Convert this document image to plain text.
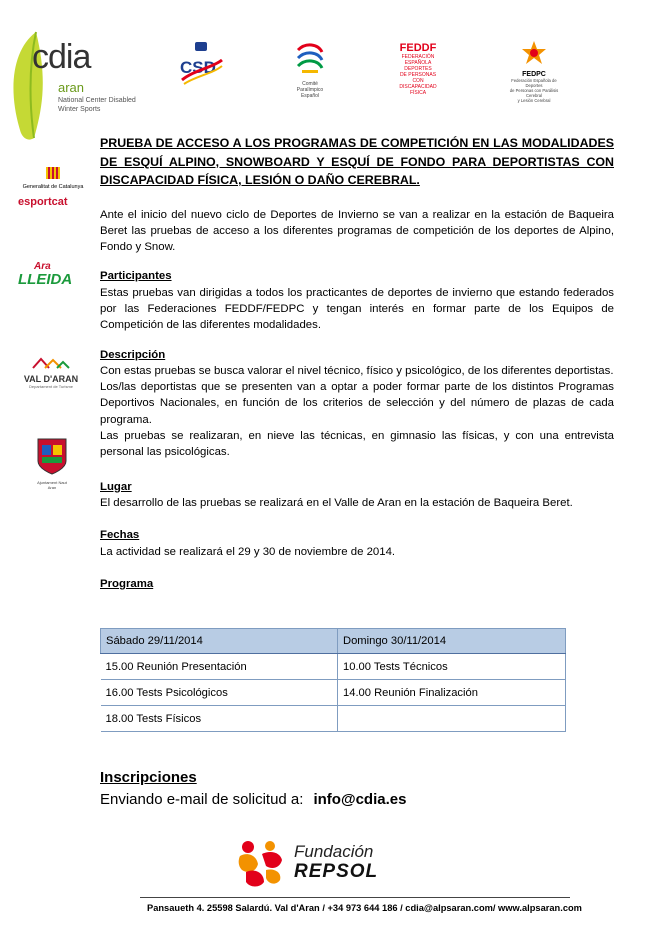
cdia
aran
National Center Disabled
Winter Sports
CSD
Comité
Paralímpico
Español
FEDDF
FEDERACIÓN
ESPAÑOLA
DEPORTES
DE PERSONAS CON
DISCAPACIDAD
FÍSICA
FEDPC
Federación Española de Deportes
de Personas con Parálisis Cerebral
y Lesión Cerebral
Generalitat de Catalunya
esportcat
Ara
LLEIDA
VAL D'ARAN
Departament de Turisme
Ajuntament Naut Aran

PRUEBA DE ACCESO A LOS PROGRAMAS DE COMPETICIÓN EN LAS MODALIDADES DE ESQUÍ ALPINO, SNOWBOARD Y ESQUÍ DE FONDO PARA DEPORTISTAS CON DISCAPACIDAD FÍSICA, LESIÓN O DAÑO CEREBRAL.

Ante el inicio del nuevo ciclo de Deportes de Invierno se van a realizar en la estación de Baqueira Beret las pruebas de acceso a los diferentes programas de competición de los deportes de Alpino, Fondo y Snow.

Participantes

Estas pruebas van dirigidas a todos los practicantes de deportes de invierno que estando federados por las Federaciones FEDDF/FEDPC y tengan interés en formar parte de los Equipos de Competición de las diferentes modalidades.

Descripción

Con estas pruebas se busca valorar el nivel técnico, físico y psicológico, de los diferentes deportistas.

Los/las deportistas que se presenten van a optar a poder formar parte de los distintos Programas Deportivos Nacionales, en función de los criterios de selección y del número de plazas de cada programa.

Las pruebas se realizaran, en nieve las técnicas, en gimnasio las físicas, y con una entrevista personal las psicológicas.

Lugar

El desarrollo de las pruebas se realizará en el Valle de Aran en la estación de Baqueira Beret.

Fechas

La actividad se realizará el 29 y 30 de noviembre de 2014.

Programa

Sábado 29/11/2014	Domingo 30/11/2014
15.00 Reunión Presentación	10.00 Tests Técnicos
16.00 Tests Psicológicos	14.00 Reunión Finalización
18.00 Tests Físicos	
Inscripciones
Enviando e-mail de solicitud a: info@cdia.es
Fundación
REPSOL
Pansaueth 4. 25598 Salardú. Val d'Aran / +34 973 644 186 / cdia@alpsaran.com/ www.alpsaran.com
